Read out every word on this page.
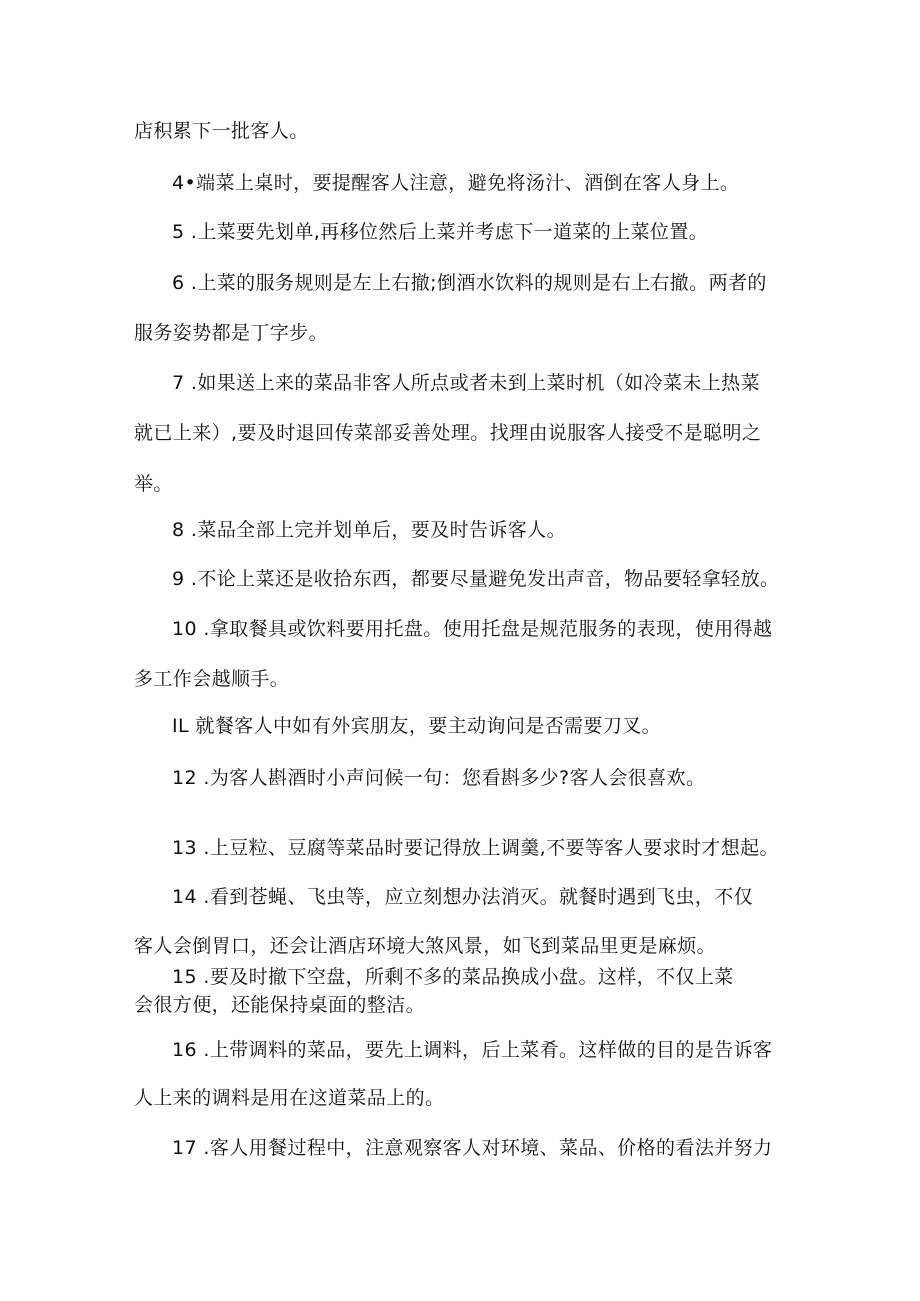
店积累下一批客人。
4•端菜上桌时，要提醒客人注意，避免将汤汁、酒倒在客人身上。
5 .上菜要先划单,再移位然后上菜并考虑下一道菜的上菜位置。
6 .上菜的服务规则是左上右撤;倒酒水饮料的规则是右上右撤。两者的
服务姿势都是丁字步。
7 .如果送上来的菜品非客人所点或者未到上菜时机（如冷菜未上热菜
就已上来）,要及时退回传菜部妥善处理。找理由说服客人接受不是聪明之
举。
8 .菜品全部上完并划单后，要及时告诉客人。
9 .不论上菜还是收拾东西，都要尽量避免发出声音，物品要轻拿轻放。
10 .拿取餐具或饮料要用托盘。使用托盘是规范服务的表现，使用得越
多工作会越顺手。
IL 就餐客人中如有外宾朋友，要主动询问是否需要刀叉。
12 .为客人斟酒时小声问候一句：您看斟多少?客人会很喜欢。
13 .上豆粒、豆腐等菜品时要记得放上调羹,不要等客人要求时才想起。
14 .看到苍蝇、飞虫等，应立刻想办法消灭。就餐时遇到飞虫，不仅
客人会倒胃口，还会让酒店环境大煞风景，如飞到菜品里更是麻烦。
15 .要及时撤下空盘，所剩不多的菜品换成小盘。这样，不仅上菜
会很方便，还能保持桌面的整洁。
16 .上带调料的菜品，要先上调料，后上菜肴。这样做的目的是告诉客
人上来的调料是用在这道菜品上的。
17 .客人用餐过程中，注意观察客人对环境、菜品、价格的看法并努力
